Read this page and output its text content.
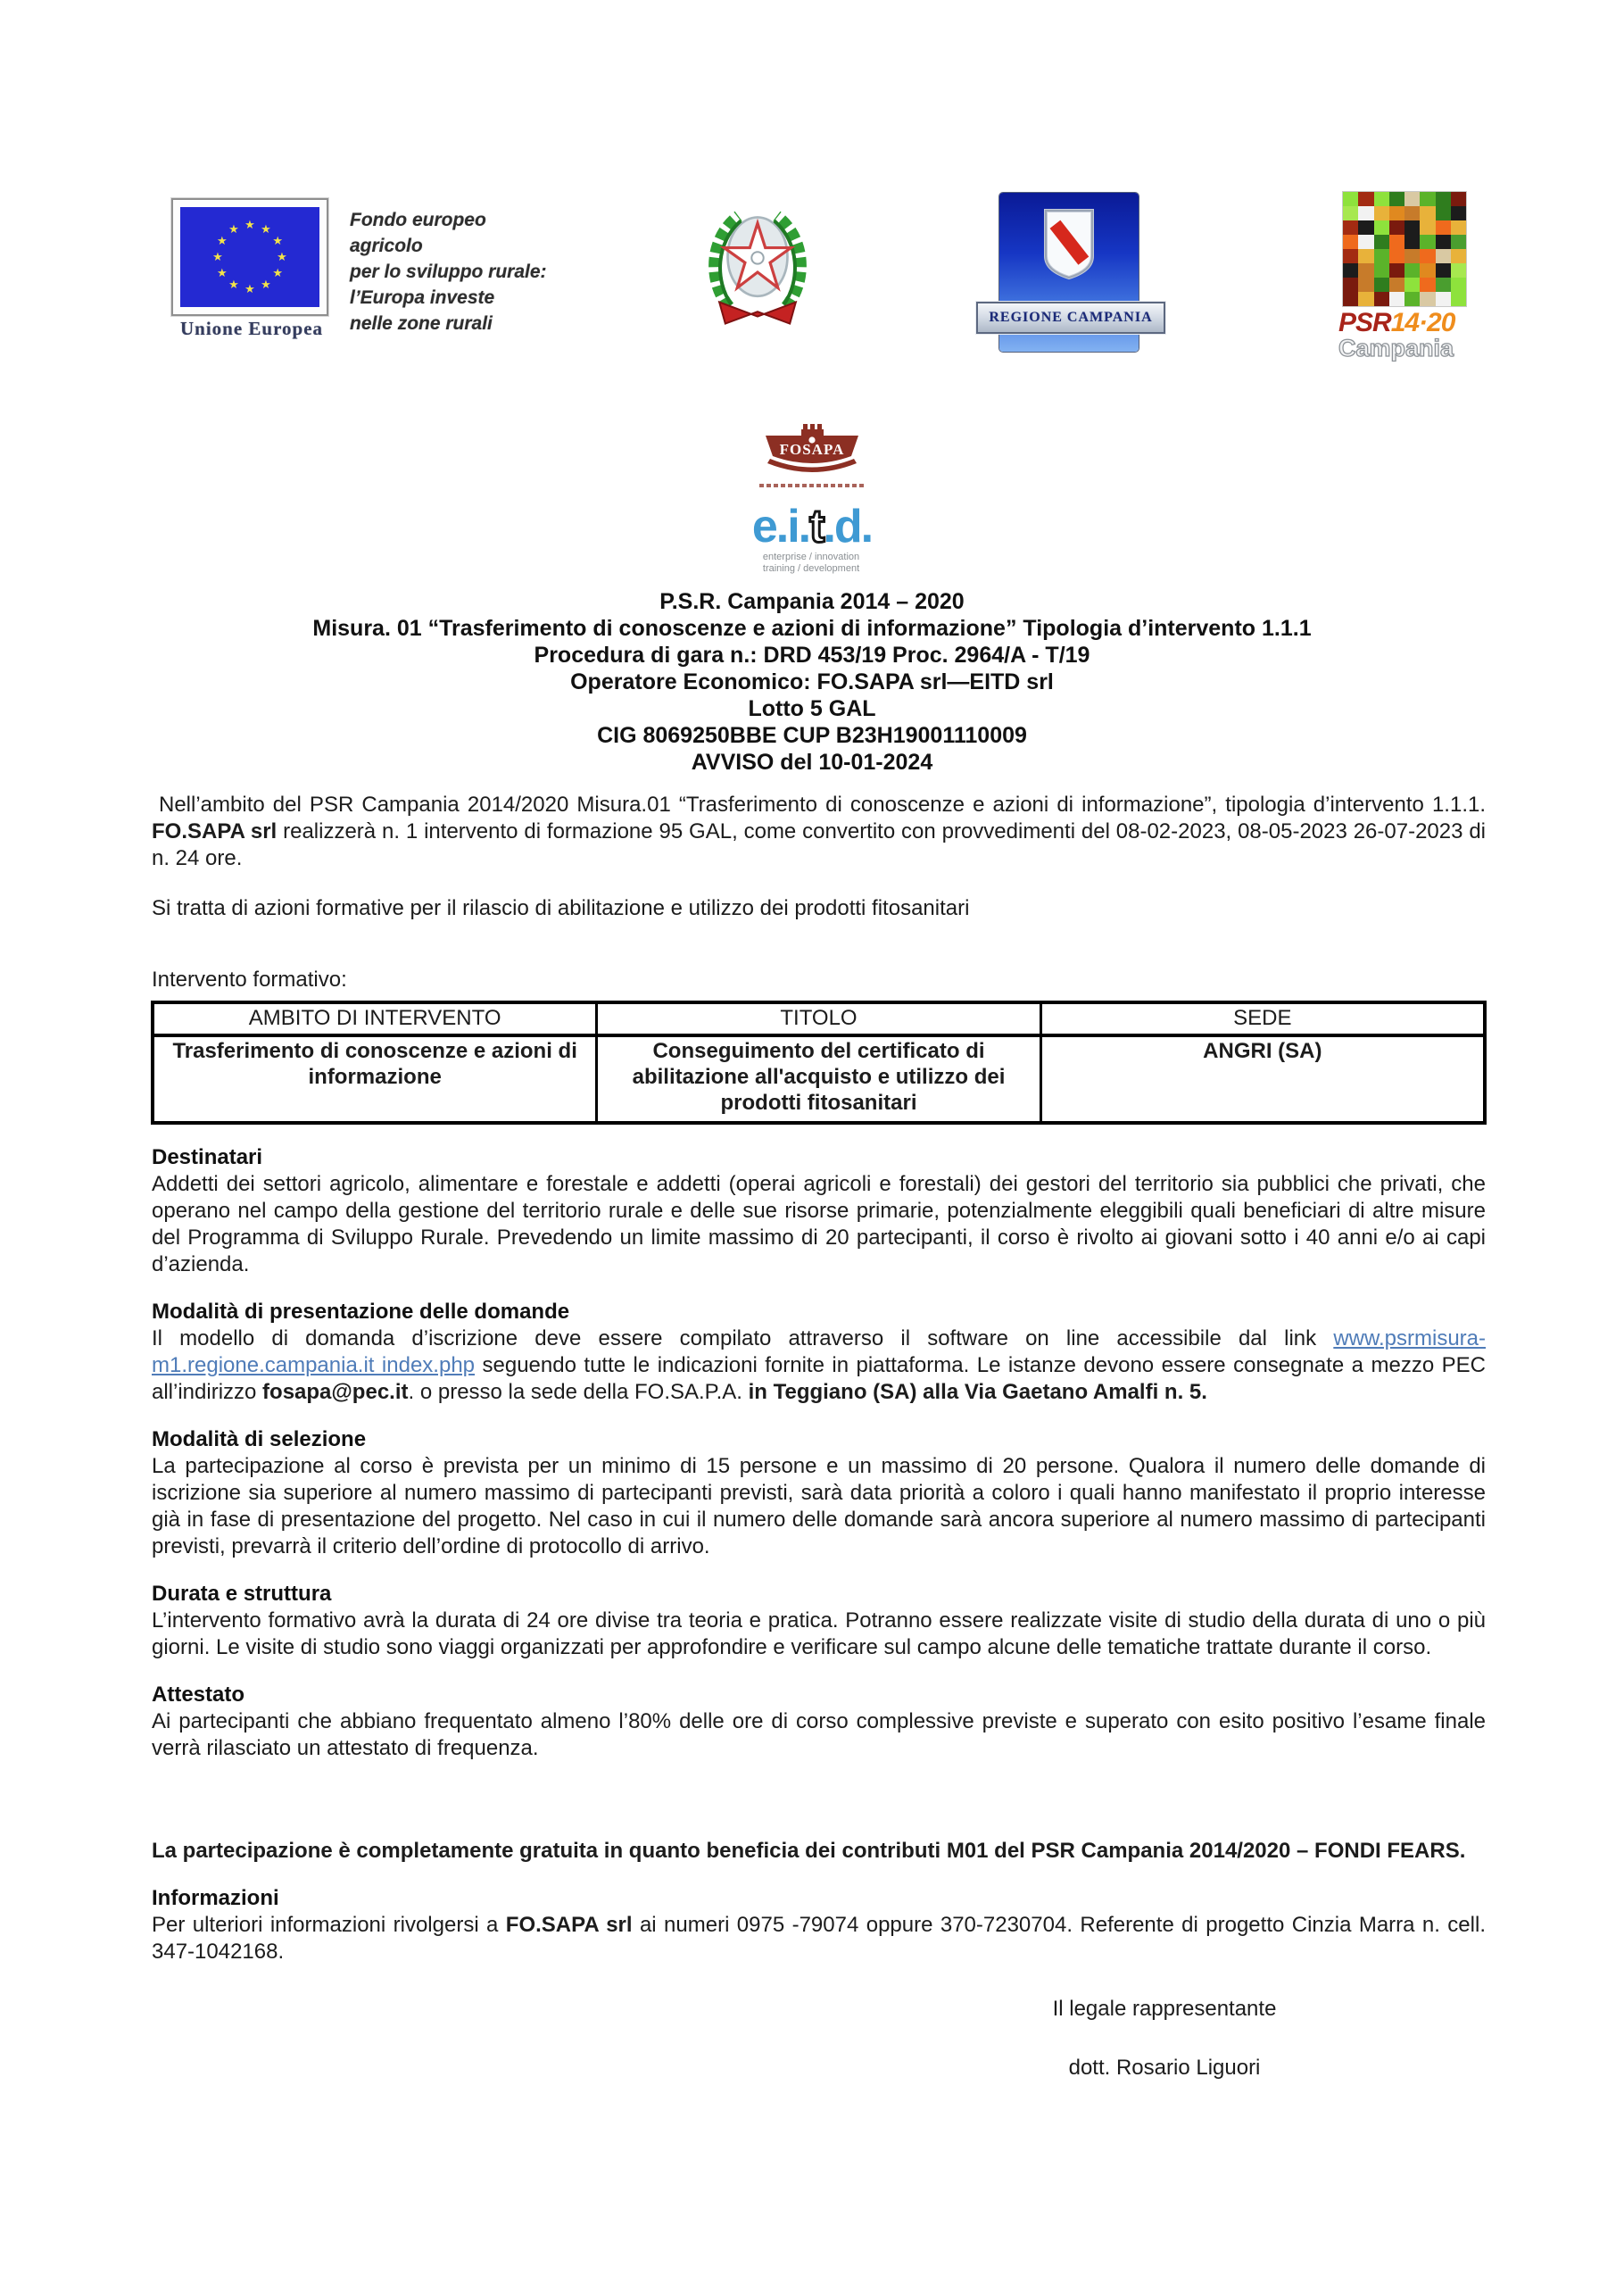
★ ★
★
★
★
★
★
★
★
★
★
★
Unione Europea
Fondo europeo agricolo
per lo sviluppo rurale:
l’Europa investe
nelle zone rurali	REGIONE CAMPANIA	PSR14·20
Campania
FOSAPA

e.i.t.d.
enterprise / innovation
training / development
P.S.R. Campania 2014 – 2020
Misura. 01 “Trasferimento di conoscenze e azioni di informazione” Tipologia d’intervento 1.1.1
Procedura di gara n.: DRD 453/19 Proc. 2964/A - T/19
Operatore Economico: FO.SAPA srl—EITD srl
Lotto 5 GAL
CIG 8069250BBE CUP B23H19001110009
AVVISO del 10-01-2024

Nell’ambito del PSR Campania 2014/2020 Misura.01 “Trasferimento di conoscenze e azioni di informazione”, tipologia d’intervento 1.1.1. FO.SAPA srl realizzerà n. 1 intervento di formazione 95 GAL, come convertito con provvedimenti del 08-02-2023, 08-05-2023 26-07-2023 di n. 24 ore.

Si tratta di azioni formative per il rilascio di abilitazione e utilizzo dei prodotti fitosanitari

Intervento formativo:

AMBITO DI INTERVENTO	TITOLO	SEDE
Trasferimento di conoscenze e azioni di informazione	Conseguimento del certificato di abilitazione all'acquisto e utilizzo dei prodotti fitosanitari	ANGRI (SA)
Destinatari

Addetti dei settori agricolo, alimentare e forestale e addetti (operai agricoli e forestali) dei gestori del territorio sia pubblici che privati, che operano nel campo della gestione del territorio rurale e delle sue risorse primarie, potenzialmente eleggibili quali beneficiari di altre misure del Programma di Sviluppo Rurale. Prevedendo un limite massimo di 20 partecipanti, il corso è rivolto ai giovani sotto i 40 anni e/o ai capi d’azienda.

Modalità di presentazione delle domande

Il modello di domanda d’iscrizione deve essere compilato attraverso il software on line accessibile dal link www.psrmisura-m1.regione.campania.it index.php seguendo tutte le indicazioni fornite in piattaforma. Le istanze devono essere consegnate a mezzo PEC all’indirizzo fosapa@pec.it. o presso la sede della FO.SA.P.A. in Teggiano (SA) alla Via Gaetano Amalfi n. 5.

Modalità di selezione

La partecipazione al corso è prevista per un minimo di 15 persone e un massimo di 20 persone. Qualora il numero delle domande di iscrizione sia superiore al numero massimo di partecipanti previsti, sarà data priorità a coloro i quali hanno manifestato il proprio interesse già in fase di presentazione del progetto. Nel caso in cui il numero delle domande sarà ancora superiore al numero massimo di partecipanti previsti, prevarrà il criterio dell’ordine di protocollo di arrivo.

Durata e struttura

L’intervento formativo avrà la durata di 24 ore divise tra teoria e pratica. Potranno essere realizzate visite di studio della durata di uno o più giorni. Le visite di studio sono viaggi organizzati per approfondire e verificare sul campo alcune delle tematiche trattate durante il corso.

Attestato

Ai partecipanti che abbiano frequentato almeno l’80% delle ore di corso complessive previste e superato con esito positivo l’esame finale verrà rilasciato un attestato di frequenza.

La partecipazione è completamente gratuita in quanto beneficia dei contributi M01 del PSR Campania 2014/2020 – FONDI FEARS.

Informazioni

Per ulteriori informazioni rivolgersi a FO.SAPA srl ai numeri 0975 -79074 oppure 370-7230704. Referente di progetto Cinzia Marra n. cell. 347-1042168.

Il legale rappresentante
dott. Rosario Liguori
